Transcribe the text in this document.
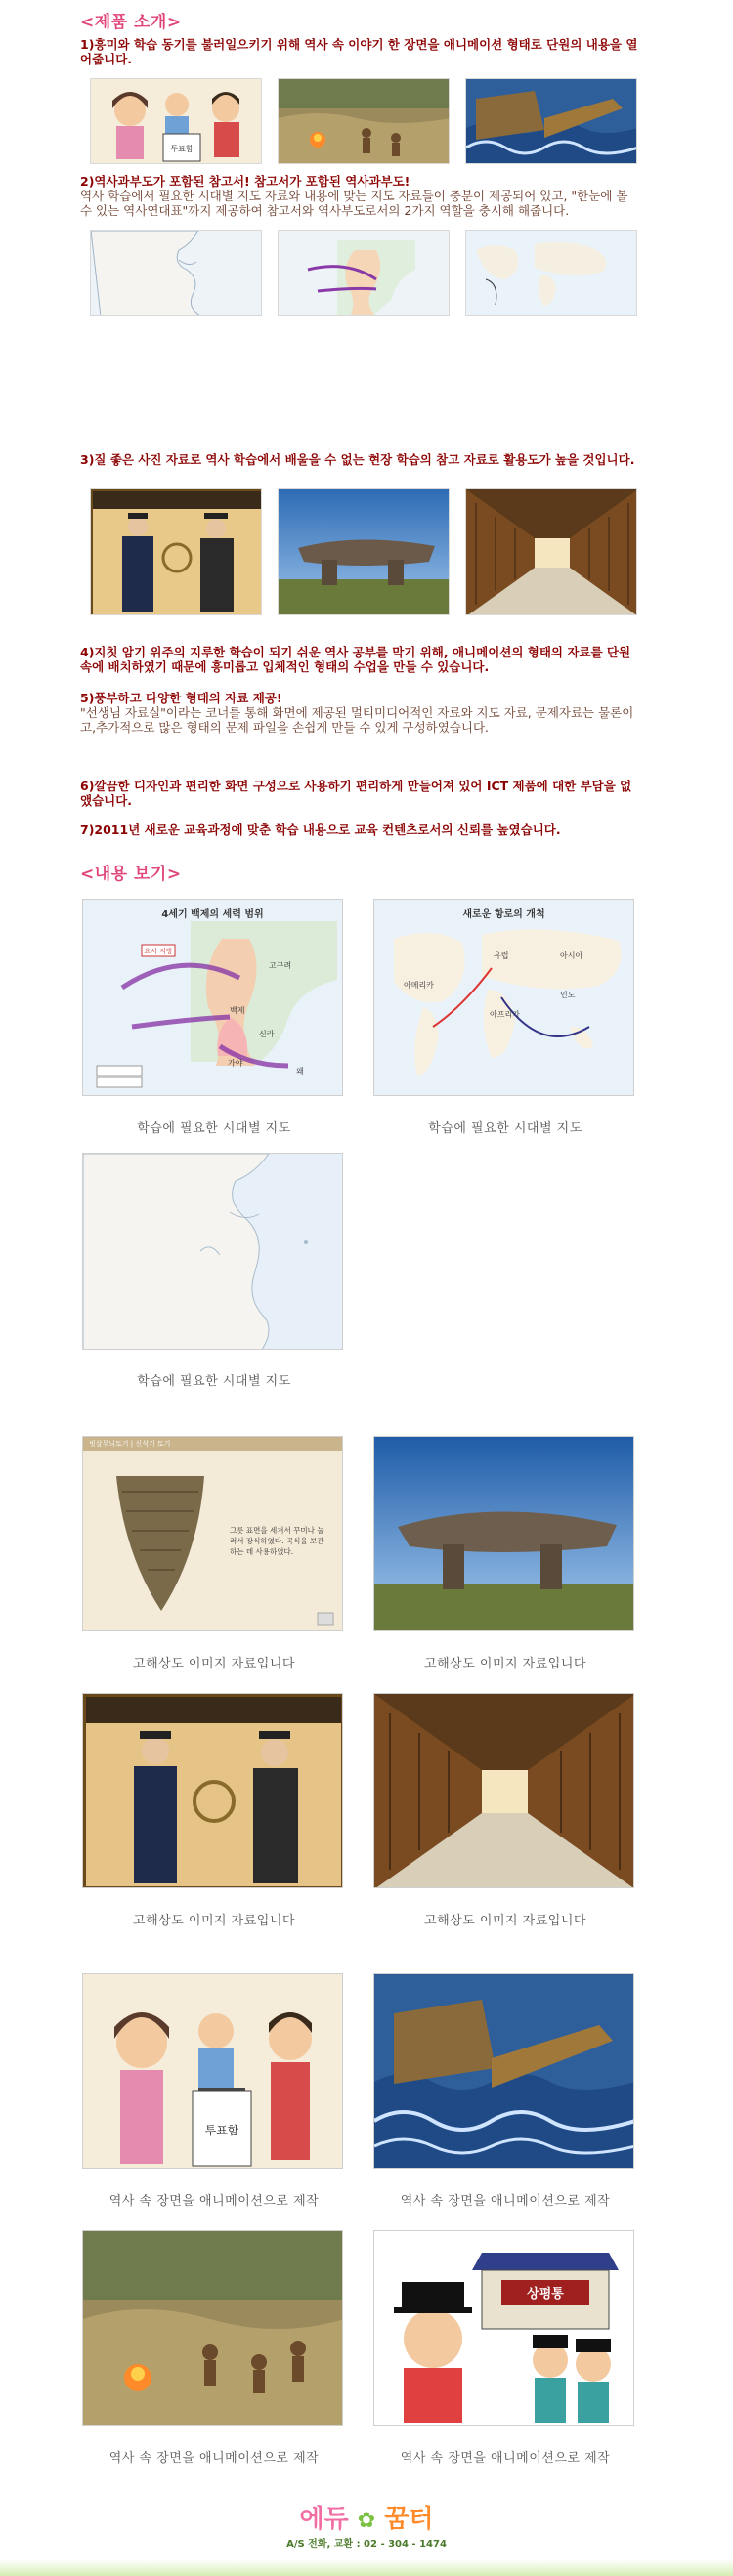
<제품 소개>
1)흥미와 학습 동기를 불러일으키기 위해 역사 속 이야기 한 장면을 애니메이션 형태로 단원의 내용을 열어줍니다.
투표함
2)역사과부도가 포함된 참고서! 참고서가 포함된 역사과부도!
역사 학습에서 필요한 시대별 지도 자료와 내용에 맞는 지도 자료들이 충분이 제공되어 있고, "한눈에 볼 수 있는 역사연대표"까지 제공하여 참고서와 역사부도로서의 2가지 역할을 충시해 해줍니다.
3)질 좋은 사진 자료로 역사 학습에서 배울을 수 없는 현장 학습의 참고 자료로 활용도가 높을 것입니다.
4)지칫 암기 위주의 지루한 학습이 되기 쉬운 역사 공부를 막기 위해, 애니메이션의 형태의 자료를 단원 속에 배치하였기 때문에 흥미롭고 입체적인 형태의 수업을 만들 수 있습니다.
5)풍부하고 다양한 형태의 자료 제공!
"선생님 자료실"이라는 코너를 통해 화면에 제공된 멀티미디어적인 자료와 지도 자료, 문제자료는 물론이고,추가적으로 많은 형태의 문제 파일을 손쉽게 만들 수 있게 구성하였습니다.
6)깔끔한 디자인과 편리한 화면 구성으로 사용하기 편리하게 만들어져 있어 ICT 제품에 대한 부담을 없앴습니다.
7)2011년 새로운 교육과정에 맞춘 학습 내용으로 교육 컨텐츠로서의 신뢰를 높였습니다.
<내용 보기>
4세기 백제의 세력 범위
요서 지방
백제
고구려
신라
가야
왜
학습에 필요한 시대별 지도
새로운 항로의 개척
유럽	아시아
아프리카
아메리카
인도
학습에 필요한 시대별 지도
학습에 필요한 시대별 지도
빗살무늬토기 | 신석기 토기
그릇 표면을 세겨서 꾸미나 눌러서 장식하였다. 곡식을 보관하는 데 사용하였다.
고해상도 이미지 자료입니다	고해상도 이미지 자료입니다
고해상도 이미지 자료입니다	고해상도 이미지 자료입니다
투표함
역사 속 장면을 애니메이션으로 제작	역사 속 장면을 애니메이션으로 제작
역사 속 장면을 애니메이션으로 제작
상평통
역사 속 장면을 애니메이션으로 제작
에듀 ✿ 꿈터
A/S 전화, 교환 : 02 - 304 - 1474
